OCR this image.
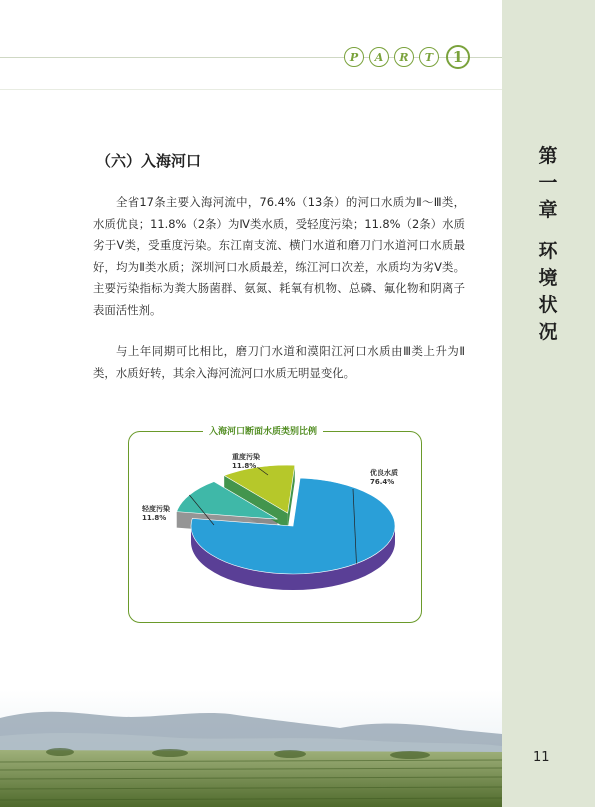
P	A	R	T	1
第
一
章
环
境
状
况
（六）入海河口

全省17条主要入海河流中，76.4%（13条）的河口水质为Ⅱ～Ⅲ类，水质优良；11.8%（2条）为Ⅳ类水质，受轻度污染；11.8%（2条）水质劣于Ⅴ类，受重度污染。东江南支流、横门水道和磨刀门水道河口水质最好，均为Ⅱ类水质；深圳河口水质最差，练江河口次差，水质均为劣Ⅴ类。主要污染指标为粪大肠菌群、氨氮、耗氧有机物、总磷、氟化物和阴离子表面活性剂。

与上年同期可比相比，磨刀门水道和漠阳江河口水质由Ⅲ类上升为Ⅱ类，水质好转，其余入海河流河口水质无明显变化。

入海河口断面水质类别比例
优良水质
76.4%
轻度污染
11.8%
重度污染
11.8%
11
